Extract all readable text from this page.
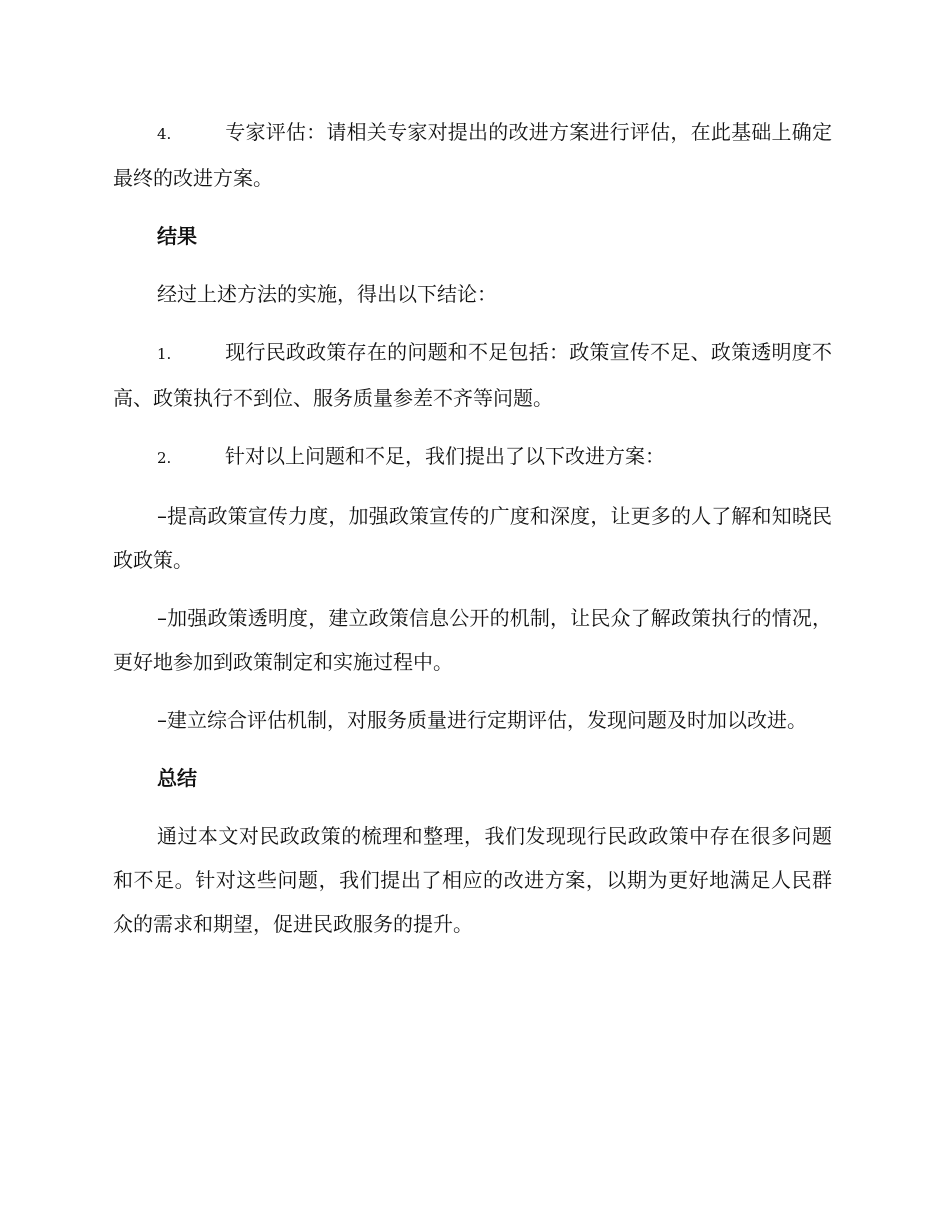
4.	专家评估：请相关专家对提出的改进方案进行评估，在此基础上确定最终的改进方案。

结果

经过上述方法的实施，得出以下结论：

1.	现行民政政策存在的问题和不足包括：政策宣传不足、政策透明度不高、政策执行不到位、服务质量参差不齐等问题。

2.	针对以上问题和不足，我们提出了以下改进方案：

–提高政策宣传力度，加强政策宣传的广度和深度，让更多的人了解和知晓民政政策。

–加强政策透明度，建立政策信息公开的机制，让民众了解政策执行的情况，更好地参加到政策制定和实施过程中。

–建立综合评估机制，对服务质量进行定期评估，发现问题及时加以改进。

总结

通过本文对民政政策的梳理和整理，我们发现现行民政政策中存在很多问题和不足。针对这些问题，我们提出了相应的改进方案，以期为更好地满足人民群众的需求和期望，促进民政服务的提升。
